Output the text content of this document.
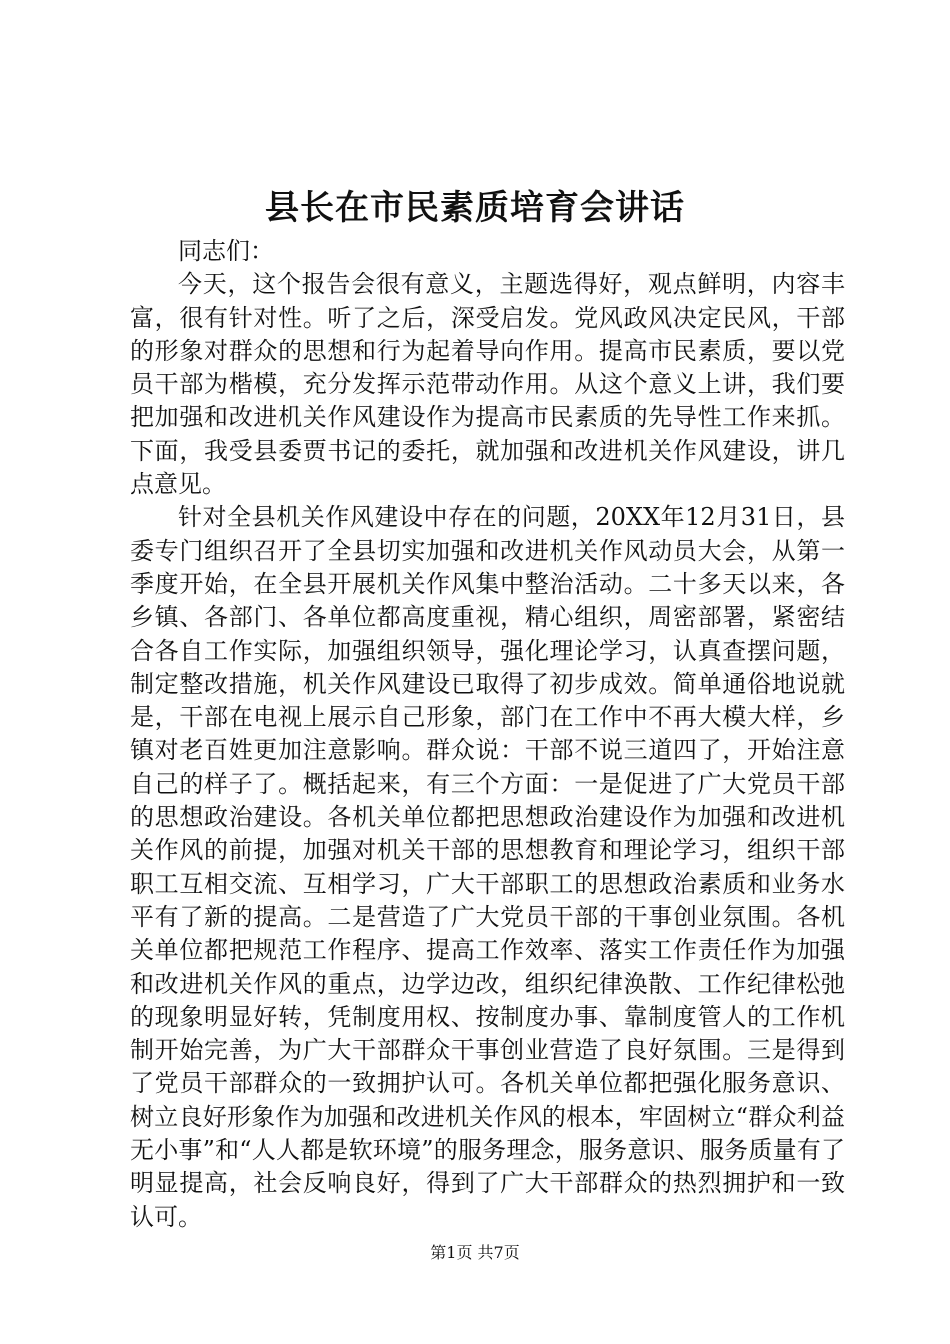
县长在市民素质培育会讲话

同志们：

今天，这个报告会很有意义，主题选得好，观点鲜明，内容丰富，很有针对性。听了之后，深受启发。党风政风决定民风，干部的形象对群众的思想和行为起着导向作用。提高市民素质，要以党员干部为楷模，充分发挥示范带动作用。从这个意义上讲，我们要把加强和改进机关作风建设作为提高市民素质的先导性工作来抓。下面，我受县委贾书记的委托，就加强和改进机关作风建设，讲几点意见。

针对全县机关作风建设中存在的问题，20XX年12月31日，县委专门组织召开了全县切实加强和改进机关作风动员大会，从第一季度开始，在全县开展机关作风集中整治活动。二十多天以来，各乡镇、各部门、各单位都高度重视，精心组织，周密部署，紧密结合各自工作实际，加强组织领导，强化理论学习，认真查摆问题，制定整改措施，机关作风建设已取得了初步成效。简单通俗地说就是，干部在电视上展示自己形象，部门在工作中不再大模大样，乡镇对老百姓更加注意影响。群众说：干部不说三道四了，开始注意自己的样子了。概括起来，有三个方面：一是促进了广大党员干部的思想政治建设。各机关单位都把思想政治建设作为加强和改进机关作风的前提，加强对机关干部的思想教育和理论学习，组织干部职工互相交流、互相学习，广大干部职工的思想政治素质和业务水平有了新的提高。二是营造了广大党员干部的干事创业氛围。各机关单位都把规范工作程序、提高工作效率、落实工作责任作为加强和改进机关作风的重点，边学边改，组织纪律涣散、工作纪律松弛的现象明显好转，凭制度用权、按制度办事、靠制度管人的工作机制开始完善，为广大干部群众干事创业营造了良好氛围。三是得到了党员干部群众的一致拥护认可。各机关单位都把强化服务意识、树立良好形象作为加强和改进机关作风的根本，牢固树立“群众利益无小事”和“人人都是软环境”的服务理念，服务意识、服务质量有了明显提高，社会反响良好，得到了广大干部群众的热烈拥护和一致认可。

第1页 共7页
